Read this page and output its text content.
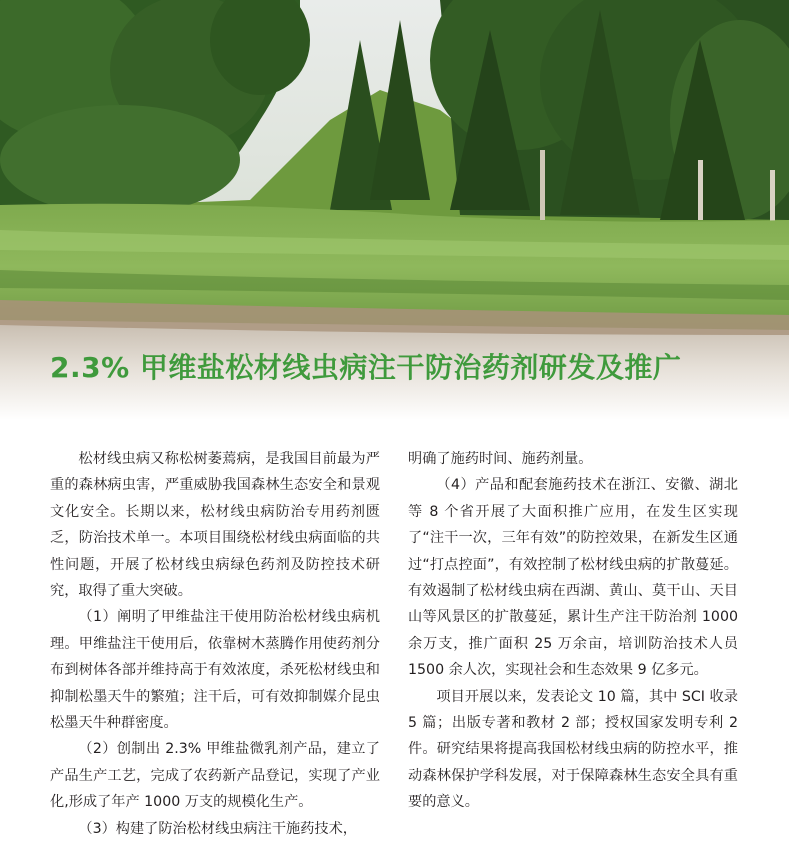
2.3% 甲维盐松材线虫病注干防治药剂研发及推广

松材线虫病又称松树萎蔫病，是我国目前最为严重的森林病虫害，严重威胁我国森林生态安全和景观文化安全。长期以来，松材线虫病防治专用药剂匮乏，防治技术单一。本项目围绕松材线虫病面临的共性问题，开展了松材线虫病绿色药剂及防控技术研究，取得了重大突破。

（1）阐明了甲维盐注干使用防治松材线虫病机理。甲维盐注干使用后，依靠树木蒸腾作用使药剂分布到树体各部并维持高于有效浓度，杀死松材线虫和抑制松墨天牛的繁殖；注干后，可有效抑制媒介昆虫松墨天牛种群密度。

（2）创制出 2.3% 甲维盐微乳剂产品，建立了产品生产工艺，完成了农药新产品登记，实现了产业化,形成了年产 1000 万支的规模化生产。

（3）构建了防治松材线虫病注干施药技术，

明确了施药时间、施药剂量。

（4）产品和配套施药技术在浙江、安徽、湖北等 8 个省开展了大面积推广应用，在发生区实现了“注干一次，三年有效”的防控效果，在新发生区通过“打点控面”，有效控制了松材线虫病的扩散蔓延。有效遏制了松材线虫病在西湖、黄山、莫干山、天目山等风景区的扩散蔓延，累计生产注干防治剂 1000 余万支，推广面积 25 万余亩，培训防治技术人员 1500 余人次，实现社会和生态效果 9 亿多元。

项目开展以来，发表论文 10 篇，其中 SCI 收录 5 篇；出版专著和教材 2 部；授权国家发明专利 2 件。研究结果将提高我国松材线虫病的防控水平，推动森林保护学科发展，对于保障森林生态安全具有重要的意义。
